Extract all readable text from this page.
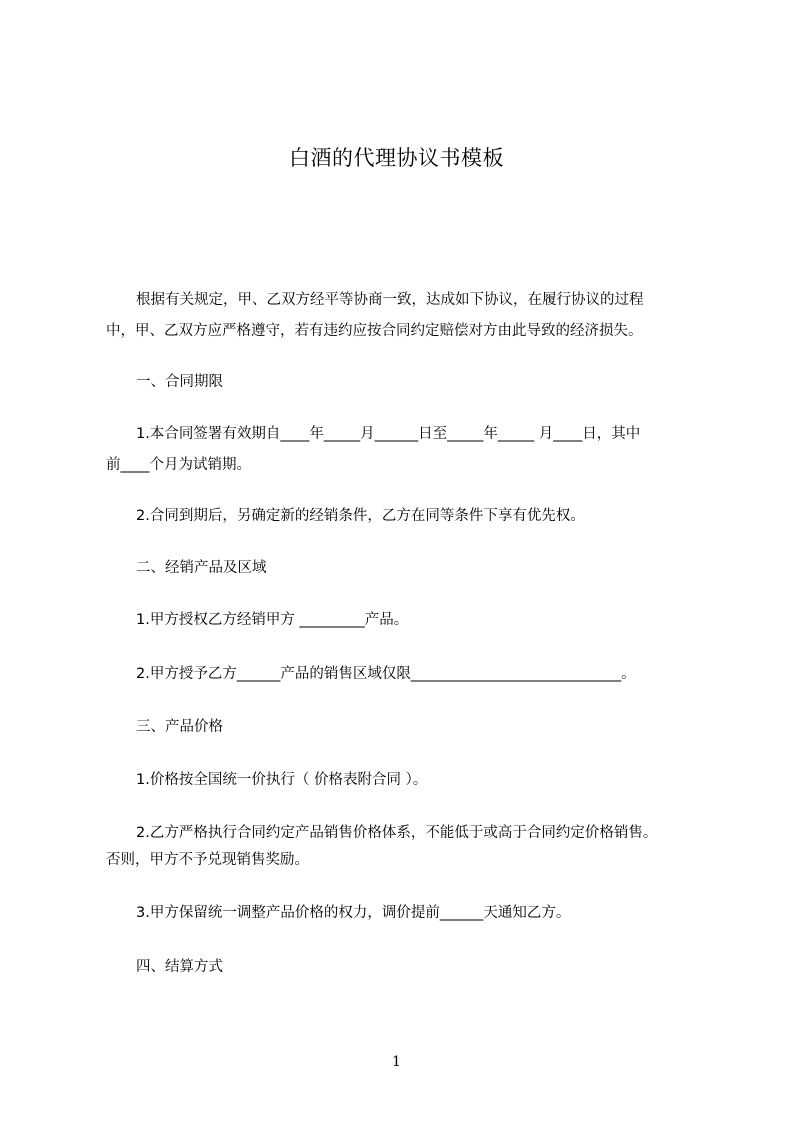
白酒的代理协议书模板
根据有关规定，甲、乙双方经平等协商一致，达成如下协议，在履行协议的过程
中，甲、乙双方应严格遵守，若有违约应按合同约定赔偿对方由此导致的经济损失。
一、合同期限
1.本合同签署有效期自____年_____月______日至_____年_____ 月____日，其中
前____个月为试销期。
2.合同到期后，另确定新的经销条件，乙方在同等条件下享有优先权。
二、经销产品及区域
1.甲方授权乙方经销甲方 _________产品。
2.甲方授予乙方______产品的销售区域仅限_____________________________。
三、产品价格
1.价格按全国统一价执行（ 价格表附合同 ）。
2.乙方严格执行合同约定产品销售价格体系，不能低于或高于合同约定价格销售。
否则，甲方不予兑现销售奖励。
3.甲方保留统一调整产品价格的权力，调价提前______天通知乙方。
四、结算方式
1
